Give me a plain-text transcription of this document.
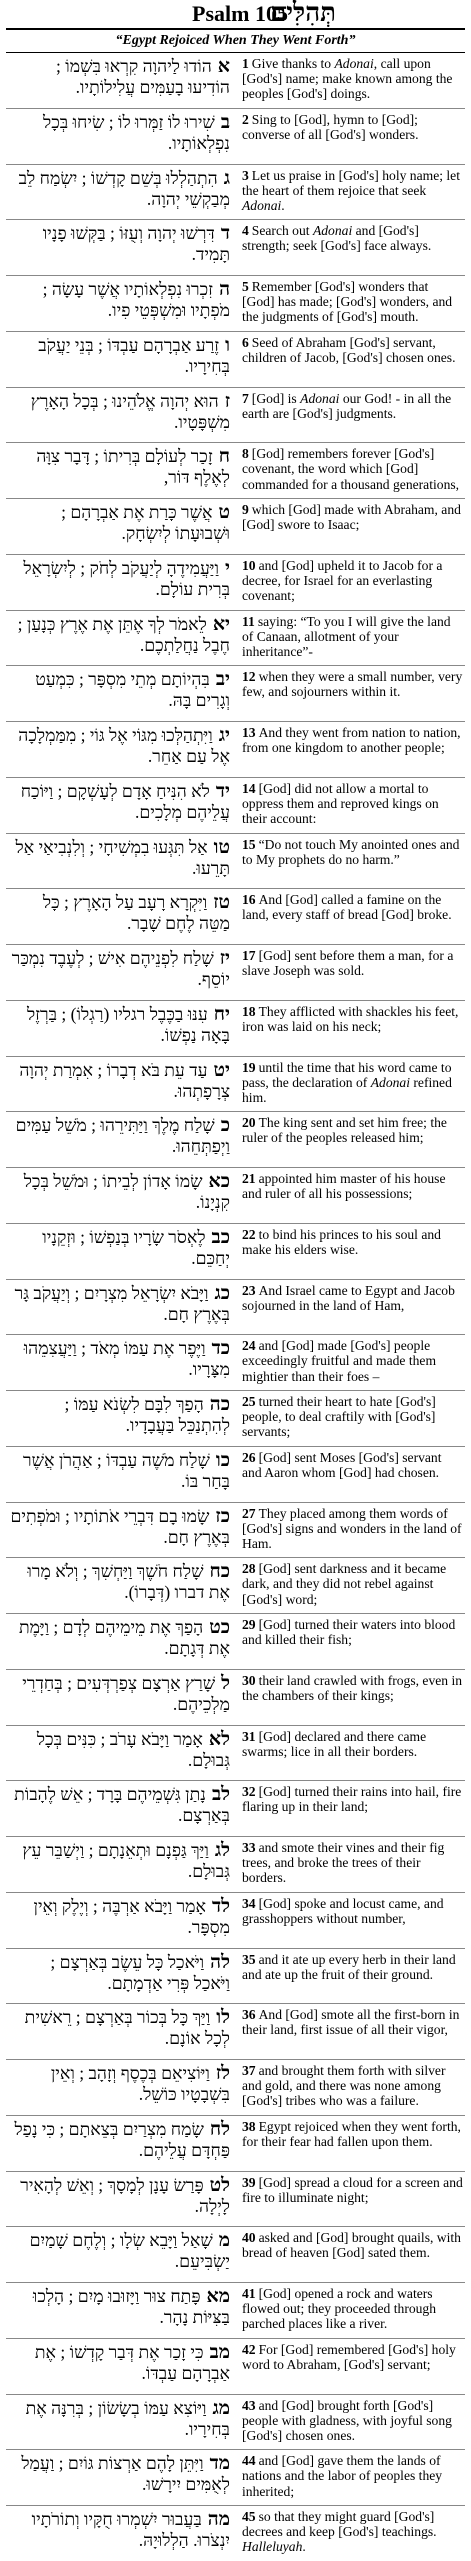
Psalm 105
תְּהִלִּים
“Egypt Rejoiced When They Went Forth”
אהוֹדוּ לַיהוָה קִרְאוּ בִּשְׁמוֹ ; הוֹדִיעוּ בָעַמִּים עֲלִילוֹתָיו.
1 Give thanks to Adonai, call upon [God's] name; make known among the peoples [God's] doings.
בשִׁירוּ לוֹ זַמְּרוּ לוֹ ; שִׂיחוּ בְּכָל נִפְלְאוֹתָיו.
2 Sing to [God], hymn to [God]; converse of all [God's] wonders.
גהִתְהַלְלוּ בְּשֵׁם קָדְשׁוֹ ; יִשְׂמַח לֵב מְבַקְשֵׁי יְהוָה.
3 Let us praise in [God's] holy name; let the heart of them rejoice that seek Adonai.
דדִּרְשׁוּ יְהוָה וְעֻזּוֹ ; בַּקְּשׁוּ פָנָיו תָּמִיד.
4 Search out Adonai and [God's] strength; seek [God's] face always.
הזִכְרוּ נִפְלְאוֹתָיו אֲשֶׁר עָשָׂה ; מֹפְתָיו וּמִשְׁפְּטֵי פִיו.
5 Remember [God's] wonders that [God] has made; [God's] wonders, and the judgments of [God's] mouth.
וזֶרַע אַבְרָהָם עַבְדּוֹ ; בְּנֵי יַעֲקֹב בְּחִירָיו.
6 Seed of Abraham [God's] servant, children of Jacob, [God's] chosen ones.
זהוּא יְהוָה אֱלֹהֵינוּ ; בְּכָל הָאָרֶץ מִשְׁפָּטָיו.
7 [God] is Adonai our God! - in all the earth are [God's] judgments.
חזָכַר לְעוֹלָם בְּרִיתוֹ ; דָּבָר צִוָּה לְאֶלֶף דּוֹר,
8 [God] remembers forever [God's] covenant, the word which [God] commanded for a thousand generations,
טאֲשֶׁר כָּרַת אֶת אַבְרָהָם ; וּשְׁבוּעָתוֹ לְיִשְׂחָק.
9 which [God] made with Abraham, and [God] swore to Isaac;
יוַיַּעֲמִידֶהָ לְיַעֲקֹב לְחֹק ; לְיִשְׂרָאֵל בְּרִית עוֹלָם.
10 and [God] upheld it to Jacob for a decree, for Israel for an everlasting covenant;
יאלֵאמֹר לְךָ אֶתֵּן אֶת אֶרֶץ כְּנָעַן ; חֶבֶל נַחֲלַתְכֶם.
11 saying: “To you I will give the land of Canaan, allotment of your inheritance”-
יבבִּהְיוֹתָם מְתֵי מִסְפָּר ; כִּמְעַט וְגָרִים בָּהּ.
12 when they were a small number, very few, and sojourners within it.
יגוַיִּתְהַלְּכוּ מִגּוֹי אֶל גּוֹי ; מִמַּמְלָכָה אֶל עַם אַחֵר.
13 And they went from nation to nation, from one kingdom to another people;
ידלֹא הִנִּיחַ אָדָם לְעָשְׁקָם ; וַיּוֹכַח עֲלֵיהֶם מְלָכִים.
14 [God] did not allow a mortal to oppress them and reproved kings on their account:
טואַל תִּגְּעוּ בִמְשִׁיחָי ; וְלִנְבִיאַי אַל תָּרֵעוּ.
15 “Do not touch My anointed ones and to My prophets do no harm.”
טזוַיִּקְרָא רָעָב עַל הָאָרֶץ ; כָּל מַטֵּה לֶחֶם שָׁבָר.
16 And [God] called a famine on the land, every staff of bread [God] broke.
יזשָׁלַח לִפְנֵיהֶם אִישׁ ; לְעֶבֶד נִמְכַּר יוֹסֵף.
17 [God] sent before them a man, for a slave Joseph was sold.
יחעִנּוּ בַכֶּבֶל רגליו (רַגְלוֹ) ; בַּרְזֶל בָּאָה נַפְשׁוֹ.
18 They afflicted with shackles his feet, iron was laid on his neck;
יטעַד עֵת בֹּא דְבָרוֹ ; אִמְרַת יְהוָה צְרָפָתְהוּ.
19 until the time that his word came to pass, the declaration of Adonai refined him.
כשָׁלַח מֶלֶךְ וַיַּתִּירֵהוּ ; מֹשֵׁל עַמִּים וַיְפַתְּחֵהוּ.
20 The king sent and set him free; the ruler of the peoples released him;
כאשָׂמוֹ אָדוֹן לְבֵיתוֹ ; וּמֹשֵׁל בְּכָל קִנְיָנוֹ.
21 appointed him master of his house and ruler of all his possessions;
כבלֶאְסֹר שָׂרָיו בְּנַפְשׁוֹ ; וּזְקֵנָיו יְחַכֵּם.
22 to bind his princes to his soul and make his elders wise.
כגוַיָּבֹא יִשְׂרָאֵל מִצְרָיִם ; וְיַעֲקֹב גָּר בְּאֶרֶץ חָם.
23 And Israel came to Egypt and Jacob sojourned in the land of Ham,
כדוַיֶּפֶר אֶת עַמּוֹ מְאֹד ; וַיַּעֲצִמֵהוּ מִצָּרָיו.
24 and [God] made [God's] people exceedingly fruitful and made them mightier than their foes –
כההָפַךְ לִבָּם לִשְׂנֹא עַמּוֹ ; לְהִתְנַכֵּל בַּעֲבָדָיו.
25 turned their heart to hate [God's] people, to deal craftily with [God's] servants;
כושָׁלַח מֹשֶׁה עַבְדּוֹ ; אַהֲרֹן אֲשֶׁר בָּחַר בּוֹ.
26 [God] sent Moses [God's] servant and Aaron whom [God] had chosen.
כזשָׂמוּ בָם דִּבְרֵי אֹתוֹתָיו ; וּמֹפְתִים בְּאֶרֶץ חָם.
27 They placed among them words of [God's] signs and wonders in the land of Ham.
כחשָׁלַח חֹשֶׁךְ וַיַּחְשִׁךְ ; וְלֹא מָרוּ אֶת דברו (דְּבָרוֹ).
28 [God] sent darkness and it became dark, and they did not rebel against [God's] word;
כטהָפַךְ אֶת מֵימֵיהֶם לְדָם ; וַיָּמֶת אֶת דְּגָתָם.
29 [God] turned their waters into blood and killed their fish;
לשָׁרַץ אַרְצָם צְפַרְדְּעִים ; בְּחַדְרֵי מַלְכֵיהֶם.
30 their land crawled with frogs, even in the chambers of their kings;
לאאָמַר וַיָּבֹא עָרֹב ; כִּנִּים בְּכָל גְּבוּלָם.
31 [God] declared and there came swarms; lice in all their borders.
לבנָתַן גִּשְׁמֵיהֶם בָּרָד ; אֵשׁ לֶהָבוֹת בְּאַרְצָם.
32 [God] turned their rains into hail, fire flaring up in their land;
לגוַיַּךְ גַּפְנָם וּתְאֵנָתָם ; וַיְשַׁבֵּר עֵץ גְּבוּלָם.
33 and smote their vines and their fig trees, and broke the trees of their borders.
לדאָמַר וַיָּבֹא אַרְבֶּה ; וְיֶלֶק וְאֵין מִסְפָּר.
34 [God] spoke and locust came, and grasshoppers without number,
להוַיֹּאכַל כָּל עֵשֶׂב בְּאַרְצָם ; וַיֹּאכַל פְּרִי אַדְמָתָם.
35 and it ate up every herb in their land and ate up the fruit of their ground.
לווַיַּךְ כָּל בְּכוֹר בְּאַרְצָם ; רֵאשִׁית לְכָל אוֹנָם.
36 And [God] smote all the first-born in their land, first issue of all their vigor,
לזוַיּוֹצִיאֵם בְּכֶסֶף וְזָהָב ; וְאֵין בִּשְׁבָטָיו כּוֹשֵׁל.
37 and brought them forth with silver and gold, and there was none among [God's] tribes who was a failure.
לחשָׂמַח מִצְרַיִם בְּצֵאתָם ; כִּי נָפַל פַּחְדָּם עֲלֵיהֶם.
38 Egypt rejoiced when they went forth, for their fear had fallen upon them.
לטפָּרַשׂ עָנָן לְמָסָךְ ; וְאֵשׁ לְהָאִיר לָיְלָה.
39 [God] spread a cloud for a screen and fire to illuminate night;
משָׁאַל וַיָּבֵא שְׂלָו ; וְלֶחֶם שָׁמַיִם יַשְׂבִּיעֵם.
40 asked and [God] brought quails, with bread of heaven [God] sated them.
מאפָּתַח צוּר וַיָּזוּבוּ מָיִם ; הָלְכוּ בַּצִּיּוֹת נָהָר.
41 [God] opened a rock and waters flowed out; they proceeded through parched places like a river.
מבכִּי זָכַר אֶת דְּבַר קָדְשׁוֹ ; אֶת אַבְרָהָם עַבְדּוֹ.
42 For [God] remembered [God's] holy word to Abraham, [God's] servant;
מגוַיּוֹצִא עַמּוֹ בְשָׂשׂוֹן ; בְּרִנָּה אֶת בְּחִירָיו.
43 and [God] brought forth [God's] people with gladness, with joyful song [God's] chosen ones.
מדוַיִּתֵּן לָהֶם אַרְצוֹת גּוֹיִם ; וַעֲמַל לְאֻמִּים יִירָשׁוּ.
44 and [God] gave them the lands of nations and the labor of peoples they inherited;
מהבַּעֲבוּר יִשְׁמְרוּ חֻקָּיו וְתוֹרֹתָיו יִנְצֹרוּ. הַלְלוּיָהּ.
45 so that they might guard [God's] decrees and keep [God's] teachings. Halleluyah.
